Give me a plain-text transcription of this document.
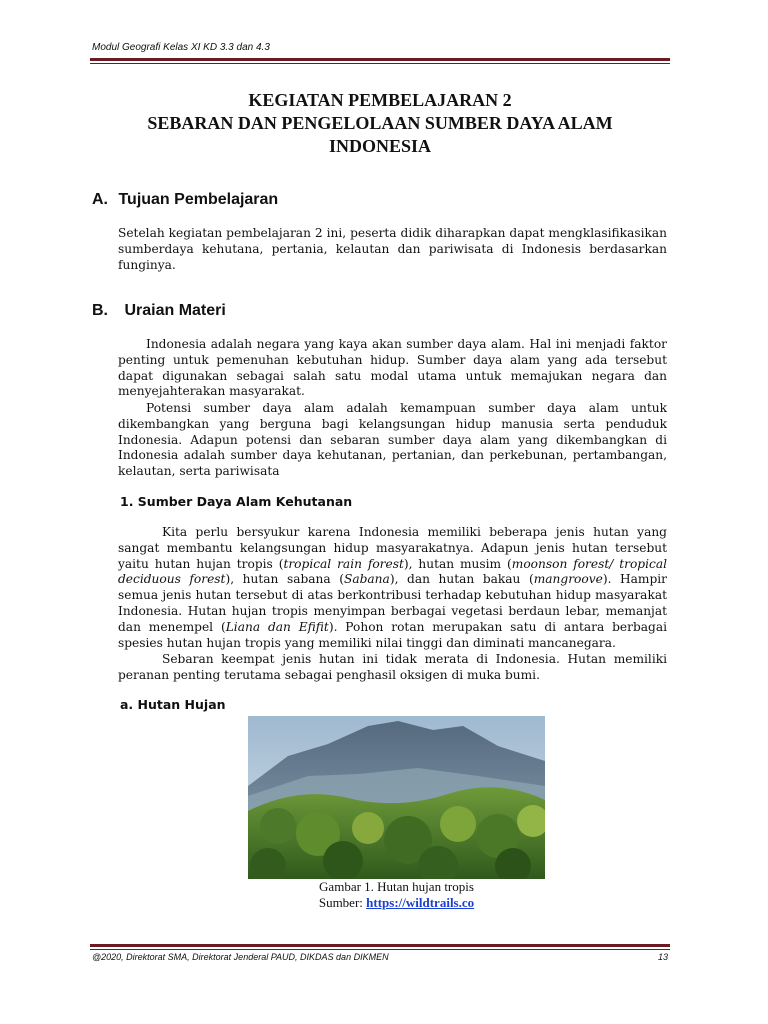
Modul Geografi Kelas XI KD 3.3 dan 4.3
KEGIATAN PEMBELAJARAN 2
SEBARAN DAN PENGELOLAAN SUMBER DAYA ALAM
INDONESIA
A. Tujuan Pembelajaran
Setelah kegiatan pembelajaran 2 ini, peserta didik diharapkan dapat mengklasifikasikan sumberdaya kehutana, pertania, kelautan dan pariwisata di Indonesis berdasarkan funginya.
B. Uraian Materi
Indonesia adalah negara yang kaya akan sumber daya alam. Hal ini menjadi faktor penting untuk pemenuhan kebutuhan hidup. Sumber daya alam yang ada tersebut dapat digunakan sebagai salah satu modal utama untuk memajukan negara dan menyejahterakan masyarakat.
Potensi sumber daya alam adalah kemampuan sumber daya alam untuk dikembangkan yang berguna bagi kelangsungan hidup manusia serta penduduk Indonesia. Adapun potensi dan sebaran sumber daya alam yang dikembangkan di Indonesia adalah sumber daya kehutanan, pertanian, dan perkebunan, pertambangan, kelautan, serta pariwisata
1. Sumber Daya Alam Kehutanan
Kita perlu bersyukur karena Indonesia memiliki beberapa jenis hutan yang sangat membantu kelangsungan hidup masyarakatnya. Adapun jenis hutan tersebut yaitu hutan hujan tropis (tropical rain forest), hutan musim (moonson forest/ tropical deciduous forest), hutan sabana (Sabana), dan hutan bakau (mangroove). Hampir semua jenis hutan tersebut di atas berkontribusi terhadap kebutuhan hidup masyarakat Indonesia. Hutan hujan tropis menyimpan berbagai vegetasi berdaun lebar, memanjat dan menempel (Liana dan Efifit). Pohon rotan merupakan satu di antara berbagai spesies hutan hujan tropis yang memiliki nilai tinggi dan diminati mancanegara.
Sebaran keempat jenis hutan ini tidak merata di Indonesia. Hutan memiliki peranan penting terutama sebagai penghasil oksigen di muka bumi.
a. Hutan Hujan
Gambar 1. Hutan hujan tropis
Sumber: https://wildtrails.co
@2020, Direktorat SMA, Direktorat Jenderal PAUD, DIKDAS dan DIKMEN	13
